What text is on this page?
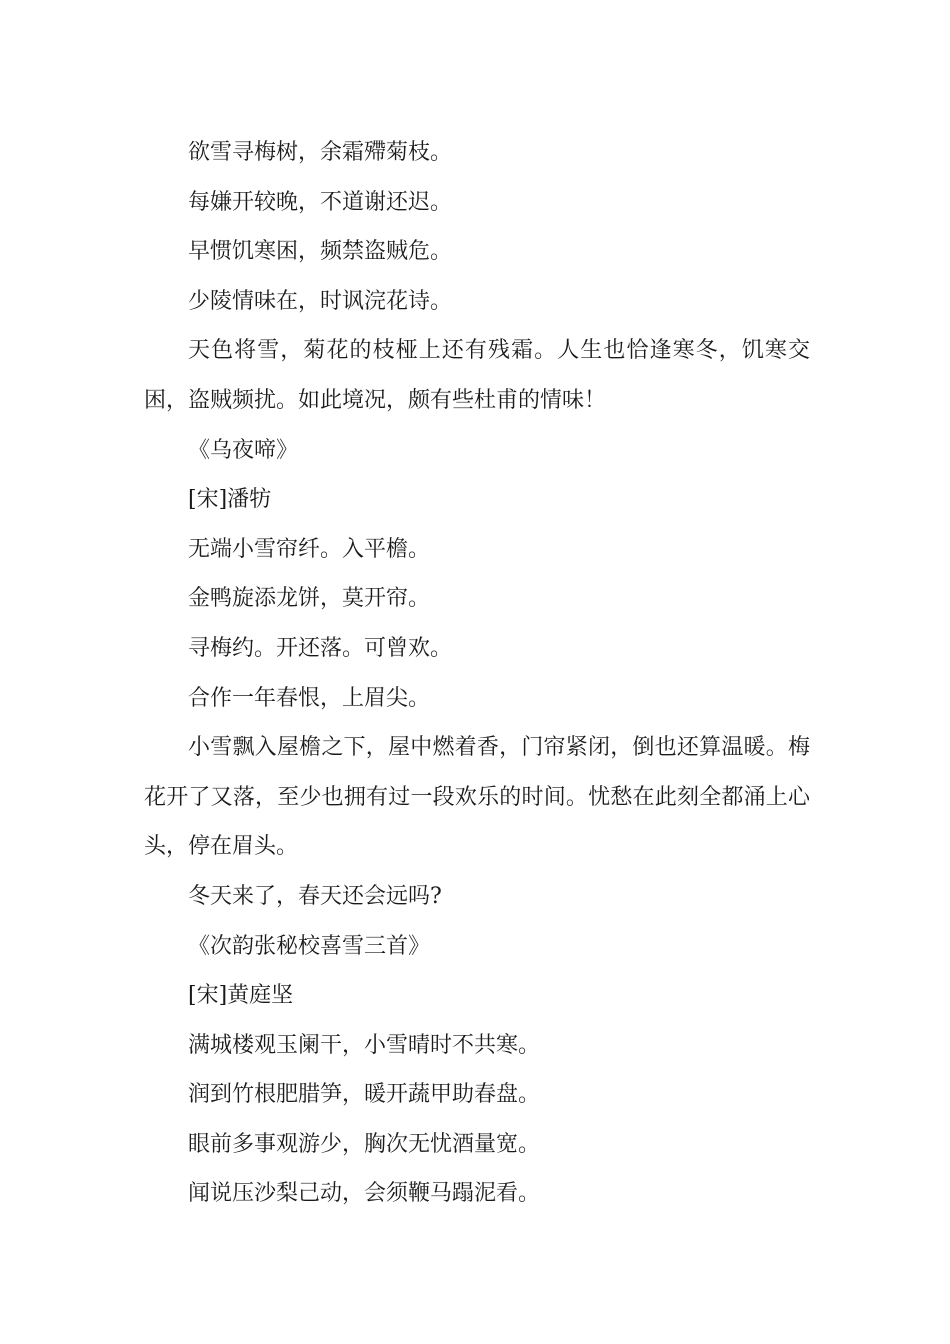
欲雪寻梅树，余霜殢菊枝。

每嫌开较晚，不道谢还迟。

早惯饥寒困，频禁盗贼危。

少陵情味在，时讽浣花诗。

天色将雪，菊花的枝桠上还有残霜。人生也恰逢寒冬，饥寒交困，盗贼频扰。如此境况，颇有些杜甫的情味！

《乌夜啼》

[宋]潘牥

无端小雪帘纤。入平檐。

金鸭旋添龙饼，莫开帘。

寻梅约。开还落。可曾欢。

合作一年春恨，上眉尖。

小雪飘入屋檐之下，屋中燃着香，门帘紧闭，倒也还算温暖。梅花开了又落，至少也拥有过一段欢乐的时间。忧愁在此刻全都涌上心头，停在眉头。

冬天来了，春天还会远吗?

《次韵张秘校喜雪三首》

[宋]黄庭坚

满城楼观玉阑干，小雪晴时不共寒。

润到竹根肥腊笋，暖开蔬甲助春盘。

眼前多事观游少，胸次无忧酒量宽。

闻说压沙梨己动，会须鞭马蹋泥看。
